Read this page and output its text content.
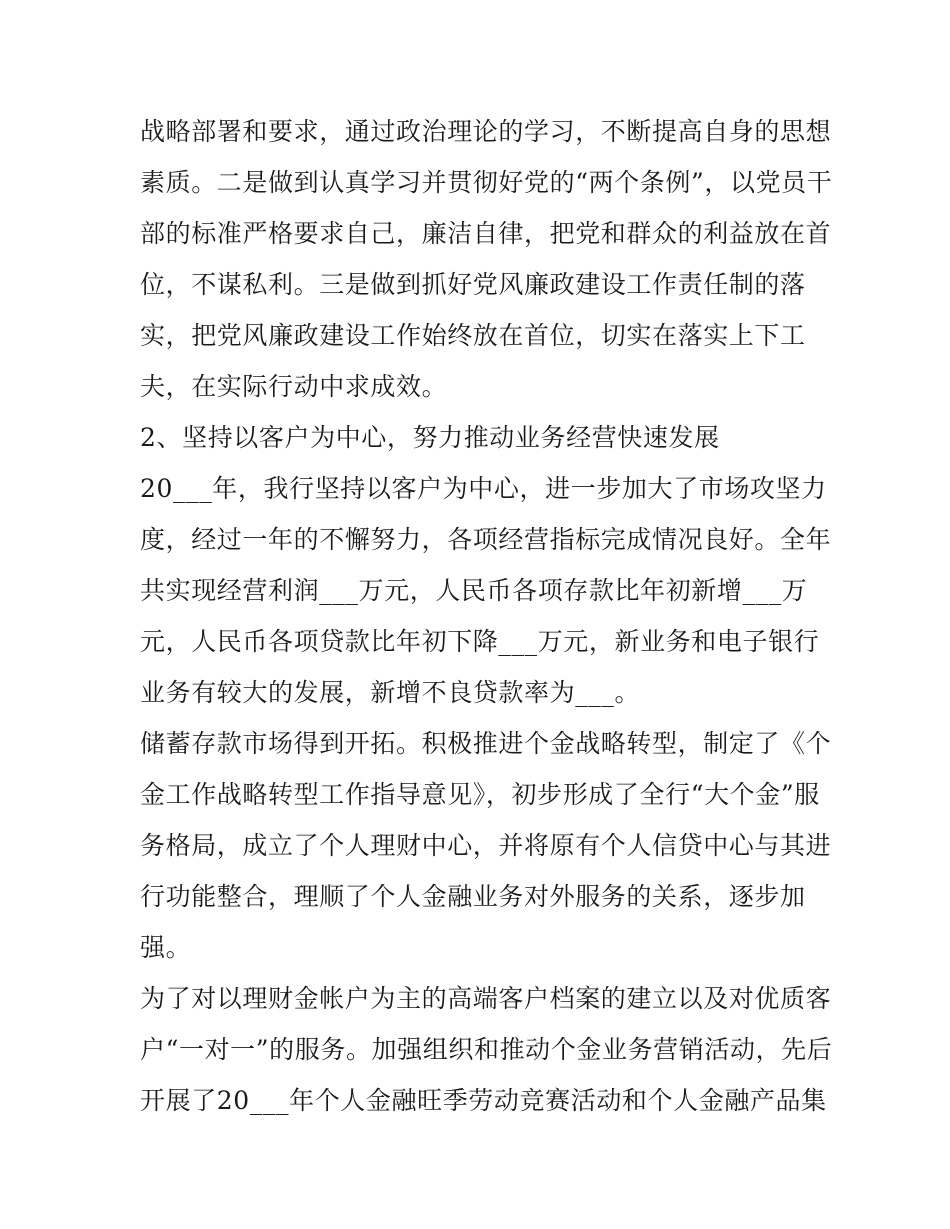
战略部署和要求，通过政治理论的学习，不断提高自身的思想
素质。二是做到认真学习并贯彻好党的“两个条例”，以党员干
部的标准严格要求自己，廉洁自律，把党和群众的利益放在首
位，不谋私利。三是做到抓好党风廉政建设工作责任制的落
实，把党风廉政建设工作始终放在首位，切实在落实上下工
夫，在实际行动中求成效。
2、坚持以客户为中心，努力推动业务经营快速发展
20___年，我行坚持以客户为中心，进一步加大了市场攻坚力
度，经过一年的不懈努力，各项经营指标完成情况良好。全年
共实现经营利润___万元，人民币各项存款比年初新增___万
元，人民币各项贷款比年初下降___万元，新业务和电子银行
业务有较大的发展，新增不良贷款率为___。
储蓄存款市场得到开拓。积极推进个金战略转型，制定了《个
金工作战略转型工作指导意见》，初步形成了全行“大个金”服
务格局，成立了个人理财中心，并将原有个人信贷中心与其进
行功能整合，理顺了个人金融业务对外服务的关系，逐步加
强。
为了对以理财金帐户为主的高端客户档案的建立以及对优质客
户“一对一”的服务。加强组织和推动个金业务营销活动，先后
开展了20___年个人金融旺季劳动竞赛活动和个人金融产品集
